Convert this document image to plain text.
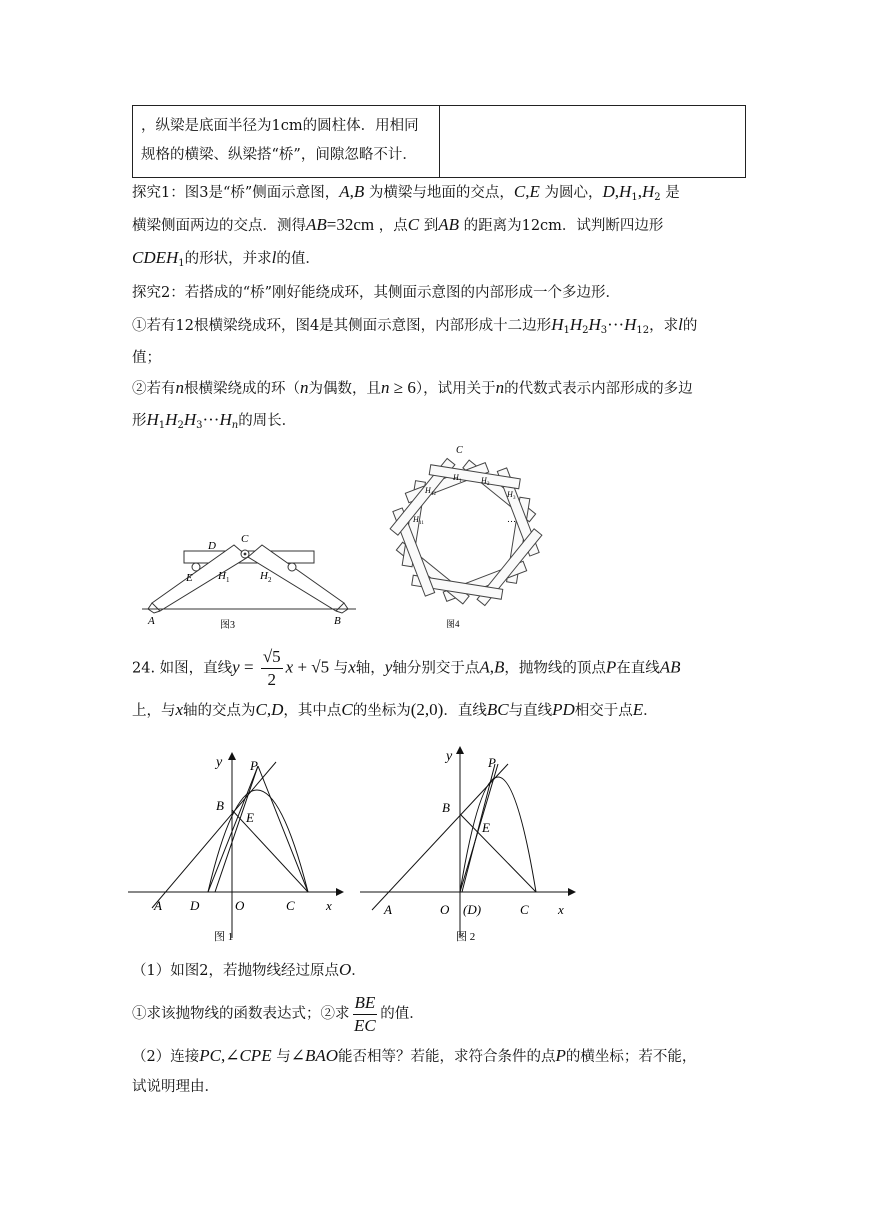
，纵梁是底面半径为1cm的圆柱体．用相同
规格的横梁、纵梁搭“桥”，间隙忽略不计．

探究1：图3是“桥”侧面示意图，A,B 为横梁与地面的交点，C,E 为圆心，$D,H_1,H_2$ 是
横梁侧面两边的交点．测得AB=32cm ，点C 到AB 的距离为12cm．试判断四边形
$CDEH_1$的形状，并求l的值．
探究2：若搭成的“桥”刚好能绕成环，其侧面示意图的内部形成一个多边形．
①若有12根横梁绕成环，图4是其侧面示意图，内部形成十二边形$H_1H_2H_3\cdot\cdot\cdot H_{12}$，求l的
值；
②若有n根横梁绕成的环（n为偶数，且n ≥ 6），试用关于n的代数式表示内部形成的多边
形$H_1H_2H_3\cdot\cdot\cdot H_n$的周长．
C
D
E H 1	H 2
A	B
图3
C
H 1 H 2
H 3
H 12
H 11	…
图4
24. 如图，直线$y = \frac{√5}{2}$ x + √5 与x轴，y轴分别交于点A,B，抛物线的顶点P在直线AB
上，与x轴的交点为C,D，其中点C的坐标为(2,0)．直线BC与直线PD相交于点E．
y P
B
E
A D	O	C x
图 1
y	P
B
E
A	O (D)	C x
图 2
（1）如图2，若抛物线经过原点O．
①求该抛物线的函数表达式；②求 $\frac{BE}{EC}$ 的值．
（2）连接PC,∠CPE 与∠BAO能否相等？若能，求符合条件的点P的横坐标；若不能，
试说明理由．
